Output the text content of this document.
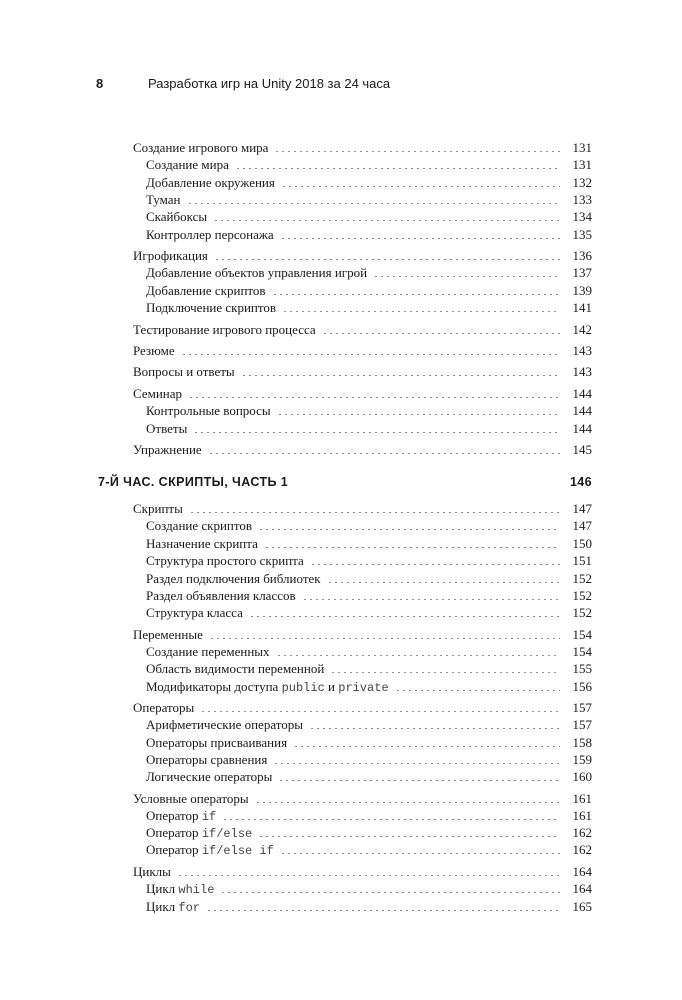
8	Разработка игр на Unity 2018 за 24 часа
Создание игрового мира	131
Создание мира	131
Добавление окружения	132
Туман	133
Скайбоксы	134
Контроллер персонажа	135
Игрофикация	136
Добавление объектов управления игрой	137
Добавление скриптов	139
Подключение скриптов	141
Тестирование игрового процесса	142
Резюме	143
Вопросы и ответы	143
Семинар	144
Контрольные вопросы	144
Ответы	144
Упражнение	145
7-Й ЧАС. СКРИПТЫ, ЧАСТЬ 1	146
Скрипты	147
Создание скриптов	147
Назначение скрипта	150
Структура простого скрипта	151
Раздел подключения библиотек	152
Раздел объявления классов	152
Структура класса	152
Переменные	154
Создание переменных	154
Область видимости переменной	155
Модификаторы доступа public и private	156
Операторы	157
Арифметические операторы	157
Операторы присваивания	158
Операторы сравнения	159
Логические операторы	160
Условные операторы	161
Оператор if	161
Оператор if/else	162
Оператор if/else if	162
Циклы	164
Цикл while	164
Цикл for	165
